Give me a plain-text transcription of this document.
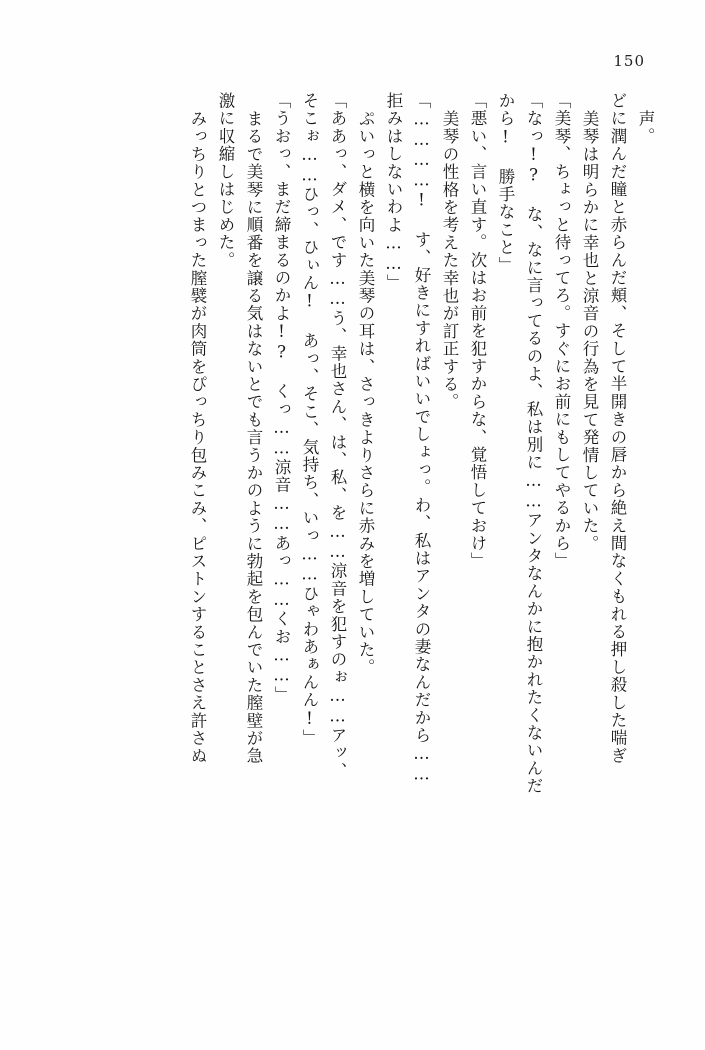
150
声。
どに潤んだ瞳と赤らんだ頬、そして半開きの唇から絶え間なくもれる押し殺した喘ぎ
美琴は明らかに幸也と涼音の行為を見て発情していた。
「美琴、ちょっと待ってろ。すぐにお前にもしてやるから」
「なっ!? な、なに言ってるのよ、私は別に……アンタなんかに抱かれたくないんだ
から! 勝手なこと」
「悪い、言い直す。次はお前を犯すからな、覚悟しておけ」
美琴の性格を考えた幸也が訂正する。
「…………! す、好きにすればいいでしょっ。わ、私はアンタの妻なんだから……
拒みはしないわよ……」
ぷいっと横を向いた美琴の耳は、さっきよりさらに赤みを増していた。
「ああっ、ダメ、です……う、幸也さん、は、私、を……涼音を犯すのぉ……アッ、
そこぉ……ひっ、ひぃん! あっ、そこ、気持ち、いっ……ひゃわあぁんん!」
「うおっ、まだ締まるのかよ!? くっ……涼音……あっ……くお……」
まるで美琴に順番を譲る気はないとでも言うかのように勃起を包んでいた膣壁が急
激に収縮しはじめた。
みっちりとつまった膣襞が肉筒をぴっちり包みこみ、ピストンすることさえ許さぬ
